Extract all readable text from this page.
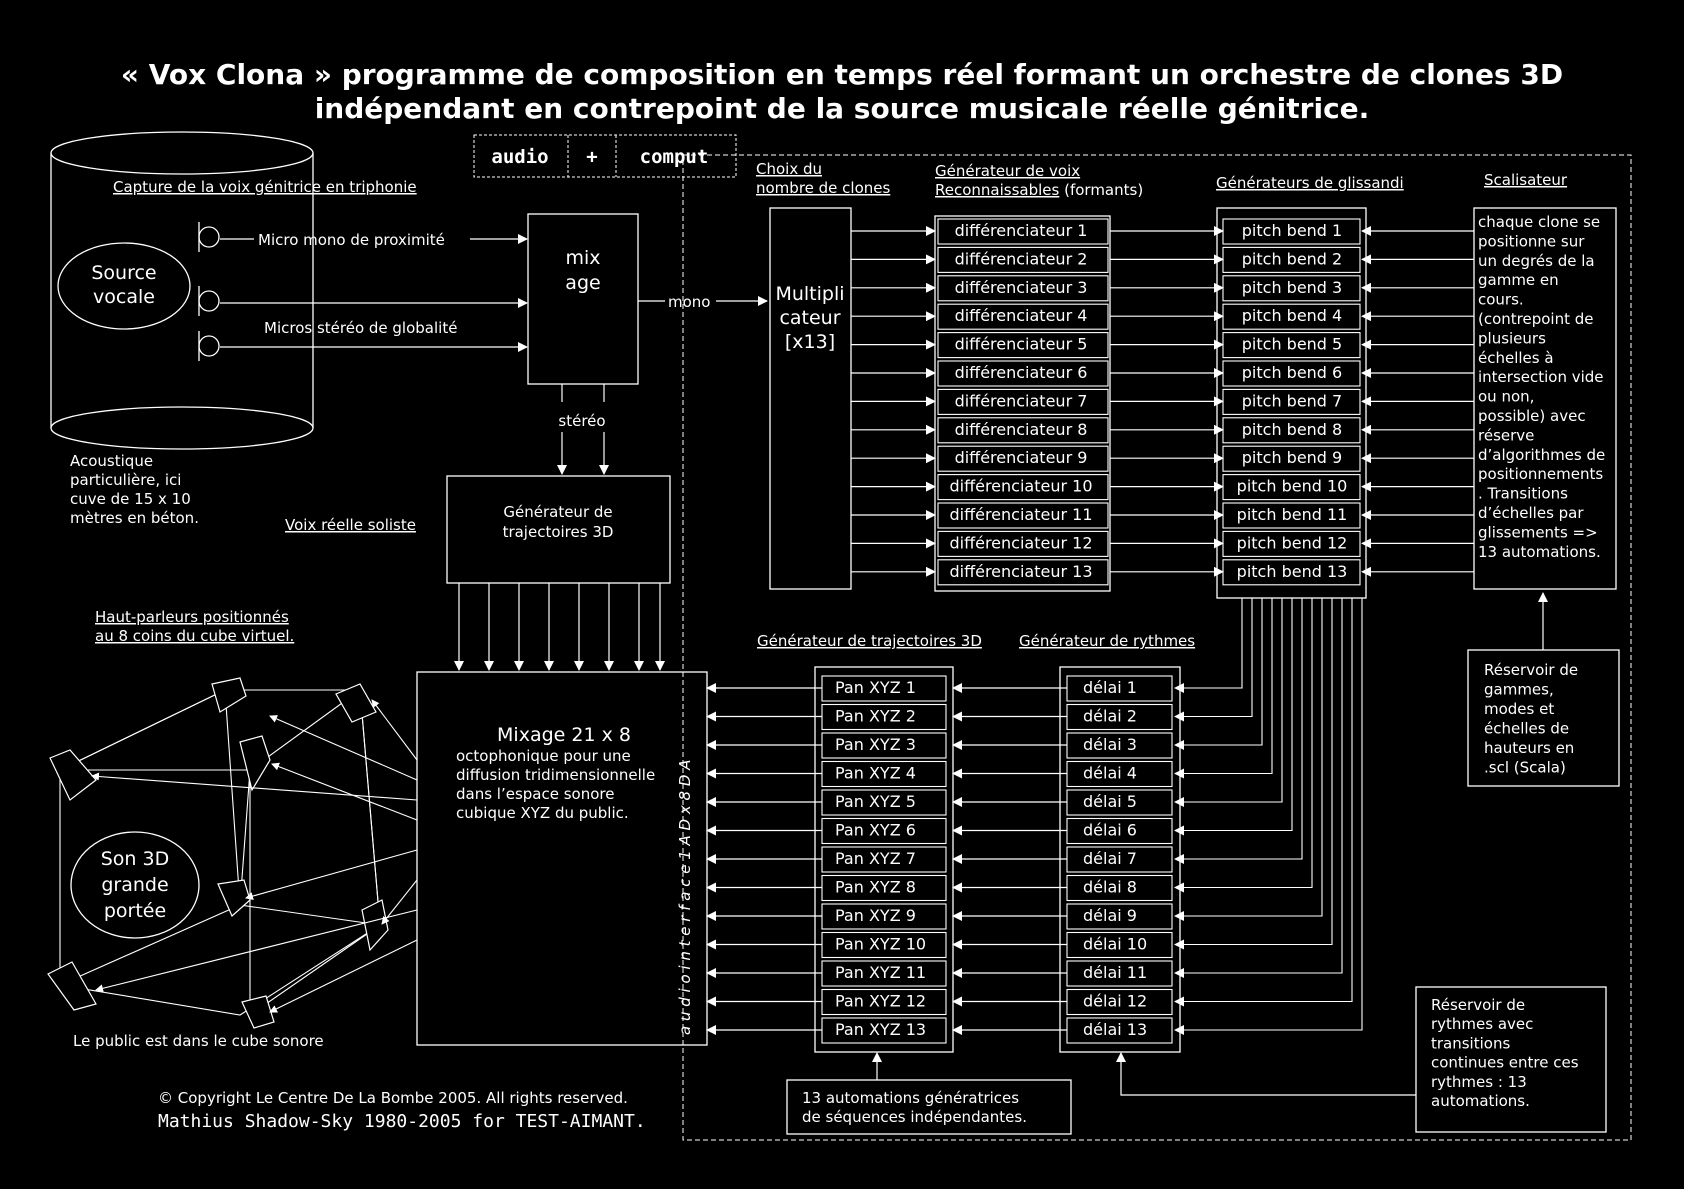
« Vox Clona » programme de composition en temps réel formant un orchestre de clones 3D
indépendant en contrepoint de la source musicale réelle génitrice.
audio + comput
a u d i o i n t e r f a c e 1 A D x 8 D A
Capture de la voix génitrice en triphonie
Source
vocale
Micro mono de proximité
Micros stéréo de globalité
Acoustique
particulière, ici
cuve de 15 x 10
mètres en béton.
mix
age
mono
stéréo
Voix réelle soliste
Générateur de
trajectoires 3D
Haut-parleurs positionnés
au 8 coins du cube virtuel.
Son 3D
grande
portée
Le public est dans le cube sonore
Mixage 21 x 8
octophonique pour une
diffusion tridimensionnelle
dans l’espace sonore
cubique XYZ du public.
Choix du
nombre de clones
Multipli
cateur
[x13]
Générateur de voix
Reconnaissables (formants)	Générateurs de glissandi	Scalisateur
différenciateur 1
différenciateur 2
différenciateur 3
différenciateur 4
différenciateur 5
différenciateur 6
différenciateur 7
différenciateur 8
différenciateur 9
différenciateur 10
différenciateur 11
différenciateur 12
différenciateur 13
pitch bend 1
pitch bend 2
pitch bend 3
pitch bend 4
pitch bend 5
pitch bend 6
pitch bend 7
pitch bend 8
pitch bend 9
pitch bend 10
pitch bend 11
pitch bend 12
pitch bend 13
chaque clone se
positionne sur
un degrés de la
gamme en
cours.
(contrepoint de
plusieurs
échelles à
intersection vide
ou non,
possible) avec
réserve
d’algorithmes de
positionnements
. Transitions
d’échelles par
glissements =>
13 automations.
Réservoir de
gammes,
modes et
échelles de
hauteurs en
.scl (Scala)
Générateur de trajectoires 3D Générateur de rythmes
Pan XYZ 1
Pan XYZ 2
Pan XYZ 3
Pan XYZ 4
Pan XYZ 5
Pan XYZ 6
Pan XYZ 7
Pan XYZ 8
Pan XYZ 9
Pan XYZ 10
Pan XYZ 11
Pan XYZ 12
Pan XYZ 13
délai 1
délai 2
délai 3
délai 4
délai 5
délai 6
délai 7
délai 8
délai 9
délai 10
délai 11
délai 12
délai 13
13 automations génératrices
de séquences indépendantes.
Réservoir de
rythmes avec
transitions
continues entre ces
rythmes : 13
automations.
© Copyright Le Centre De La Bombe 2005. All rights reserved.
Mathius Shadow-Sky 1980-2005 for TEST-AIMANT.
